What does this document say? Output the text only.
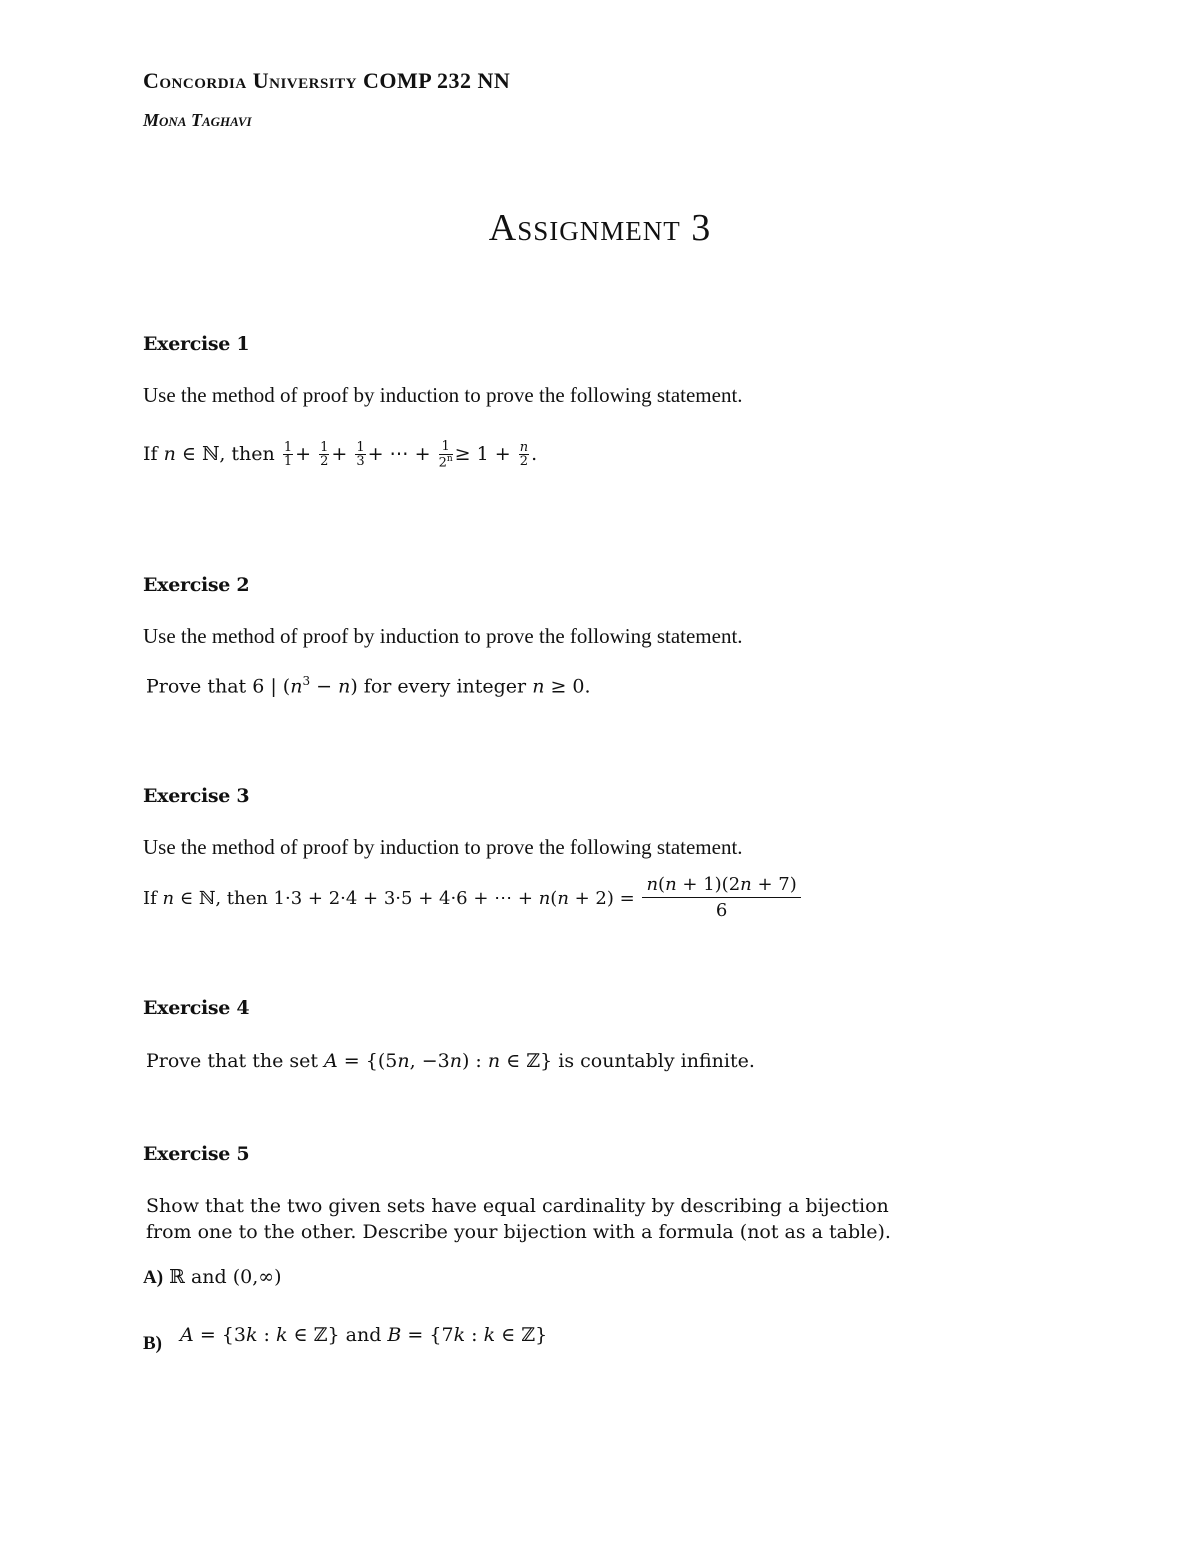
Concordia University COMP 232 NN
Mona Taghavi
Assignment 3
Exercise 1
Use the method of proof by induction to prove the following statement.
If n ∈ ℕ, then $\frac{1}{1} + \frac{1}{2} + \frac{1}{3}$ + ⋯ + $\frac{1}{2^n} \ge 1 + \frac{n}{2}$ .
Exercise 2
Use the method of proof by induction to prove the following statement.
Prove that 6 | $(n^3 - n)$ for every integer n ≥ 0.
Exercise 3
Use the method of proof by induction to prove the following statement.
If n ∈ ℕ, then 1·3 + 2·4 + 3·5 + 4·6 + ⋯ + $n(n + 2) = \frac{n(n + 1)(2n + 7)}{6}$
Exercise 4
Prove that the set A = {(5n, −3n) : n ∈ ℤ} is countably infinite.
Exercise 5
Show that the two given sets have equal cardinality by describing a bijection
from one to the other. Describe your bijection with a formula (not as a table).
A) ℝ and (0,∞)
B) A = {3k : k ∈ ℤ} and B = {7k : k ∈ ℤ}
